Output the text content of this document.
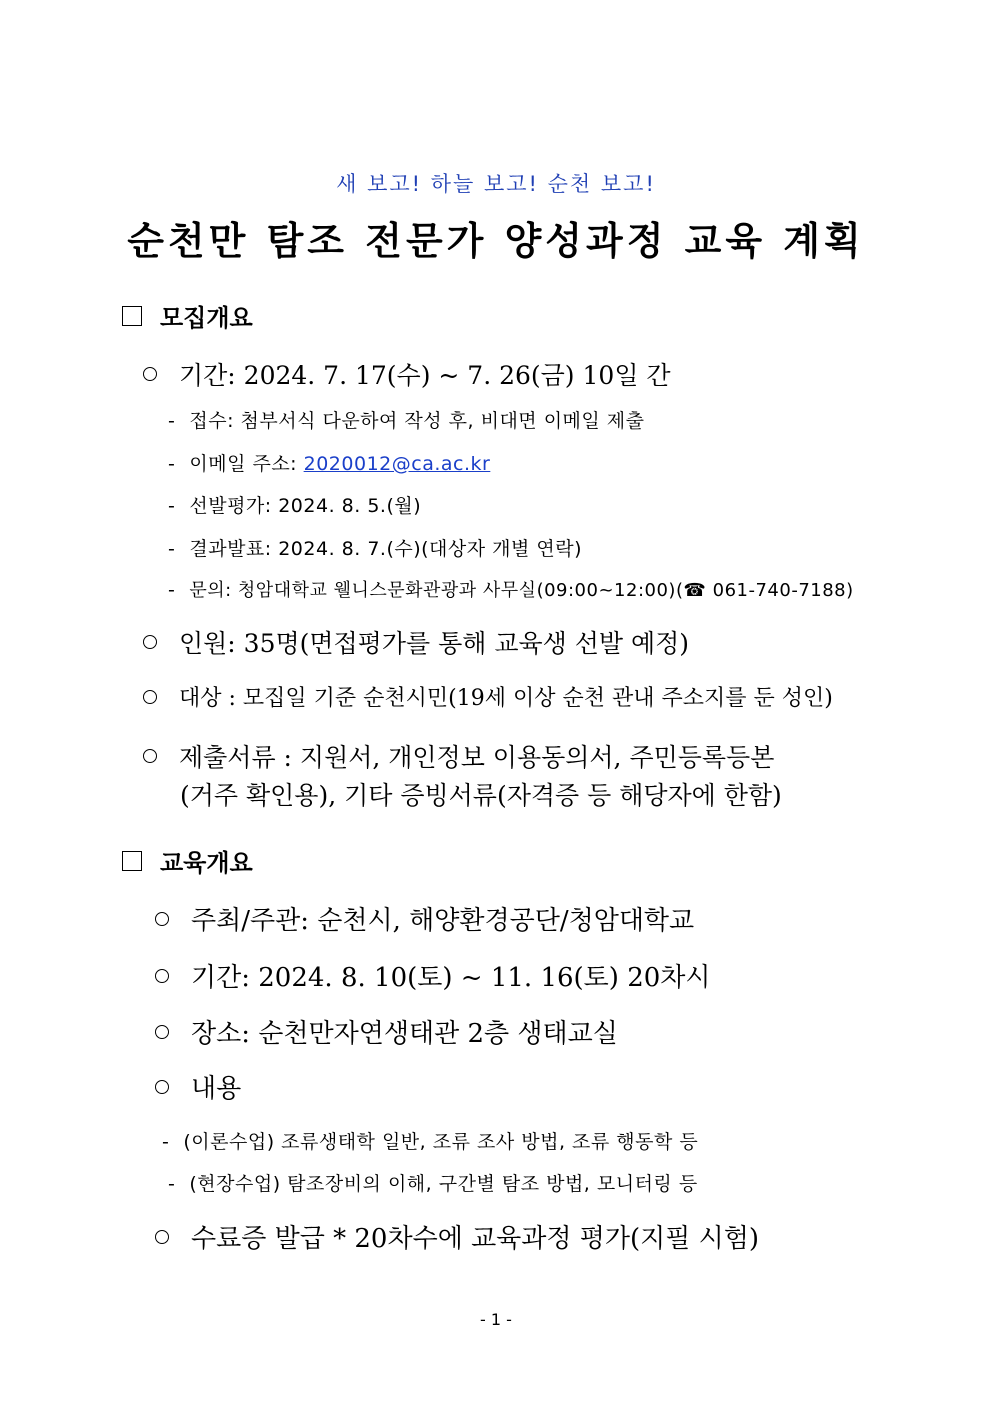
새 보고! 하늘 보고! 순천 보고!
순천만 탐조 전문가 양성과정 교육 계획
모집개요
기간: 2024. 7. 17(수) ~ 7. 26(금) 10일 간
- 접수: 첨부서식 다운하여 작성 후, 비대면 이메일 제출
- 이메일 주소: 2020012@ca.ac.kr
- 선발평가: 2024. 8. 5.(월)
- 결과발표: 2024. 8. 7.(수)(대상자 개별 연락)
- 문의: 청암대학교 웰니스문화관광과 사무실(09:00~12:00)(☎ 061-740-7188)
인원: 35명(면접평가를 통해 교육생 선발 예정)
대상 : 모집일 기준 순천시민(19세 이상 순천 관내 주소지를 둔 성인)
제출서류 : 지원서, 개인정보 이용동의서, 주민등록등본
(거주 확인용), 기타 증빙서류(자격증 등 해당자에 한함)
교육개요
주최/주관: 순천시, 해양환경공단/청암대학교
기간: 2024. 8. 10(토) ~ 11. 16(토) 20차시
장소: 순천만자연생태관 2층 생태교실
내용
- (이론수업) 조류생태학 일반, 조류 조사 방법, 조류 행동학 등
- (현장수업) 탐조장비의 이해, 구간별 탐조 방법, 모니터링 등
수료증 발급 * 20차수에 교육과정 평가(지필 시험)
- 1 -
